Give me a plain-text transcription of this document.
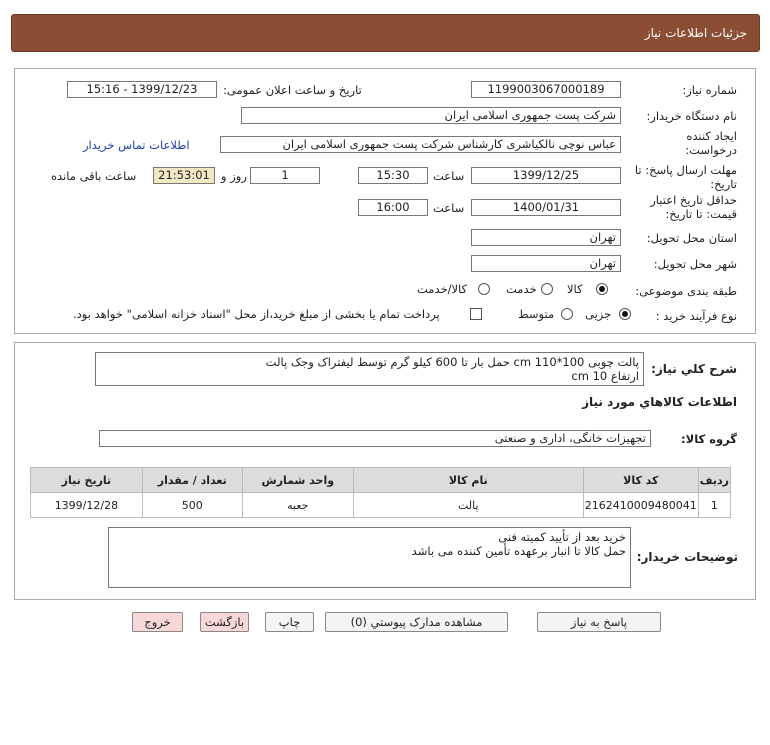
جزئیات اطلاعات نیاز
شماره نیاز:
1199003067000189
تاریخ و ساعت اعلان عمومی:
1399/12/23 - 15:16
نام دستگاه خریدار:
شرکت پست جمهوری اسلامی ایران
ایجاد کننده درخواست:
عباس نوچی نالکیاشری کارشناس شرکت پست جمهوری اسلامی ایران
اطلاعات تماس خریدار
مهلت ارسال پاسخ: تا تاریخ:
1399/12/25
ساعت
15:30
1
روز و
21:53:01
ساعت باقی مانده
حداقل تاریخ اعتبار قیمت: تا تاریخ:
1400/01/31
ساعت
16:00
استان محل تحویل:
تهران
شهر محل تحویل:
تهران
طبقه بندی موضوعی:
کالا
خدمت
کالا/خدمت
نوع فرآیند خرید :
جزیی
متوسط
پرداخت تمام یا بخشی از مبلغ خرید،از محل "اسناد خزانه اسلامی" خواهد بود.
شرح کلي نیاز:
پالت چوبی 100*110 cm حمل بار تا 600 کیلو گرم توسط لیفتراک وجک پالت
ارتفاع 10 cm
اطلاعات کالاهاي مورد نیاز
گروه کالا:
تجهیزات خانگی، اداری و صنعتی
ردیف	کد کالا	نام کالا	واحد شمارش	تعداد / مقدار	تاریخ نیاز
1	2162410009480041	پالت	جعبه	500	1399/12/28
توضیحات خریدار:
خرید بعد از تأیید کمیته فنی
حمل کالا تا انبار برعهده تأمین کننده می باشد
پاسخ به نیاز
مشاهده مدارک پیوستي (0)
چاپ
بازگشت
خروج
